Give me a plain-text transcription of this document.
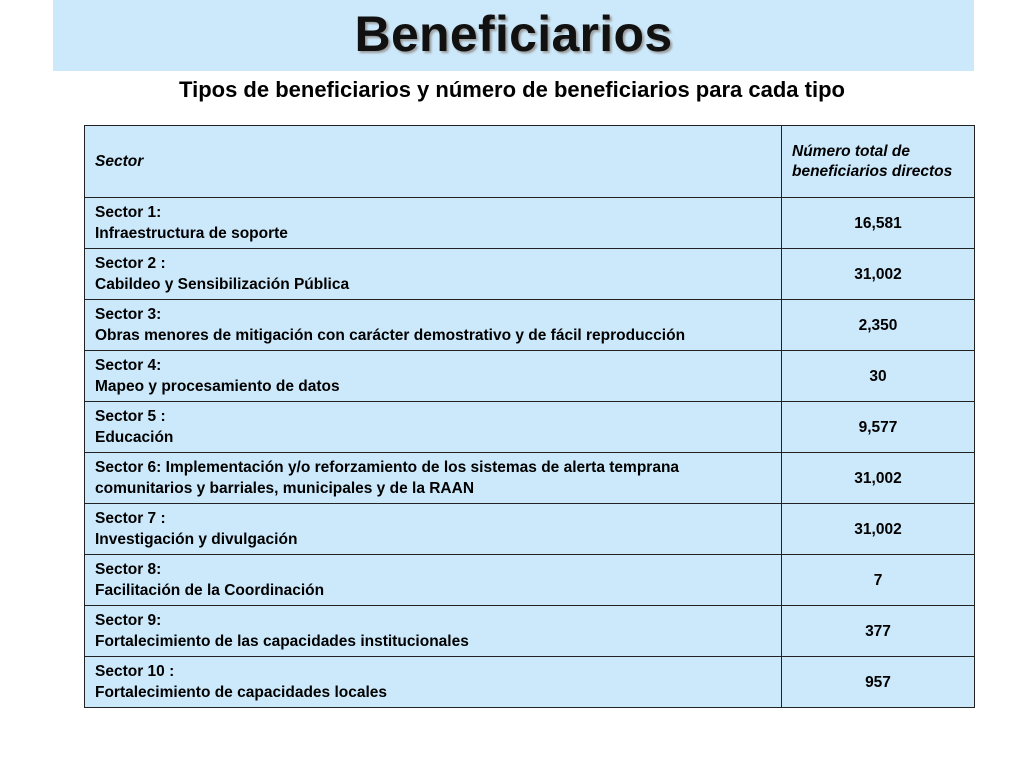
Beneficiarios
Tipos de beneficiarios y número de beneficiarios para cada tipo
Sector	Número total de beneficiarios directos

Sector 1:
Infraestructura de soporte	16,581

Sector 2 :
Cabildeo y Sensibilización Pública	31,002

Sector 3:
Obras menores de mitigación con carácter demostrativo y de fácil reproducción	2,350

Sector 4:
Mapeo y procesamiento de datos	30

Sector 5 :
Educación	9,577

Sector 6: Implementación y/o reforzamiento de los sistemas de alerta temprana
comunitarios y barriales, municipales y de la RAAN	31,002

Sector 7 :
Investigación y divulgación	31,002

Sector 8:
Facilitación de la Coordinación	7

Sector 9:
Fortalecimiento de las capacidades institucionales	377

Sector 10 :
Fortalecimiento de capacidades locales	957
